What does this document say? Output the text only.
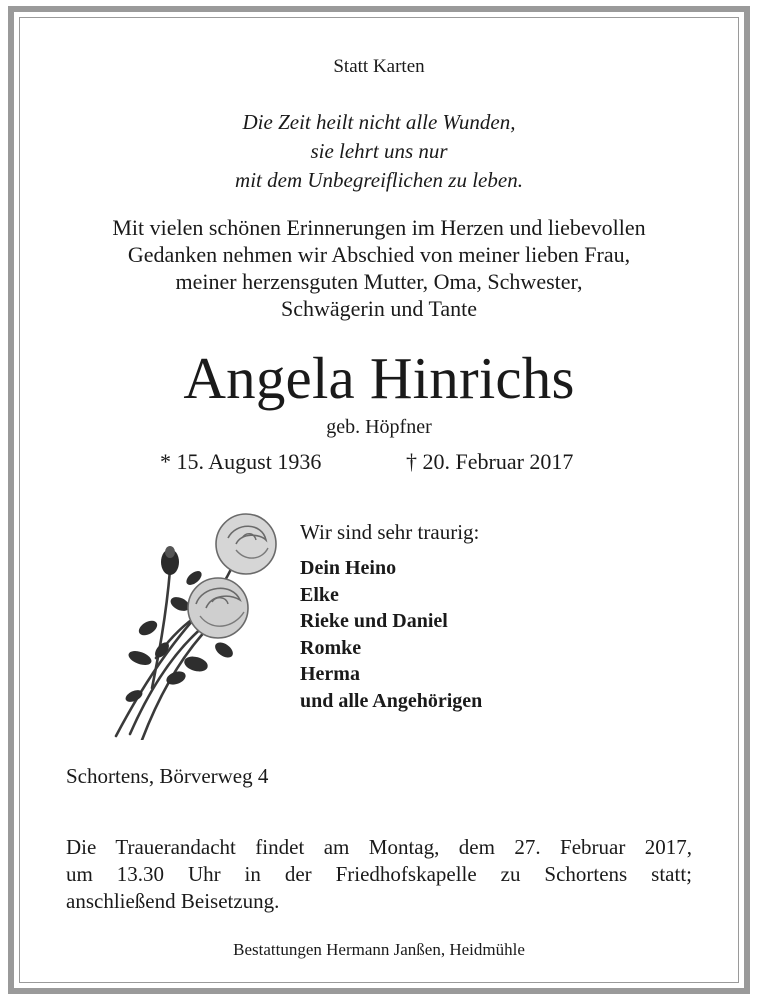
Statt Karten
Die Zeit heilt nicht alle Wunden,
sie lehrt uns nur
mit dem Unbegreiflichen zu leben.
Mit vielen schönen Erinnerungen im Herzen und liebevollen
Gedanken nehmen wir Abschied von meiner lieben Frau,
meiner herzensguten Mutter, Oma, Schwester,
Schwägerin und Tante
Angela Hinrichs
geb. Höpfner
* 15. August 1936	† 20. Februar 2017
Wir sind sehr traurig:
Dein Heino
Elke
Rieke und Daniel
Romke
Herma
und alle Angehörigen
Schortens, Börverweg 4
Die Trauerandacht findet am Montag, dem 27. Februar 2017,
um 13.30 Uhr in der Friedhofskapelle zu Schortens statt;
anschließend Beisetzung.
Bestattungen Hermann Janßen, Heidmühle
